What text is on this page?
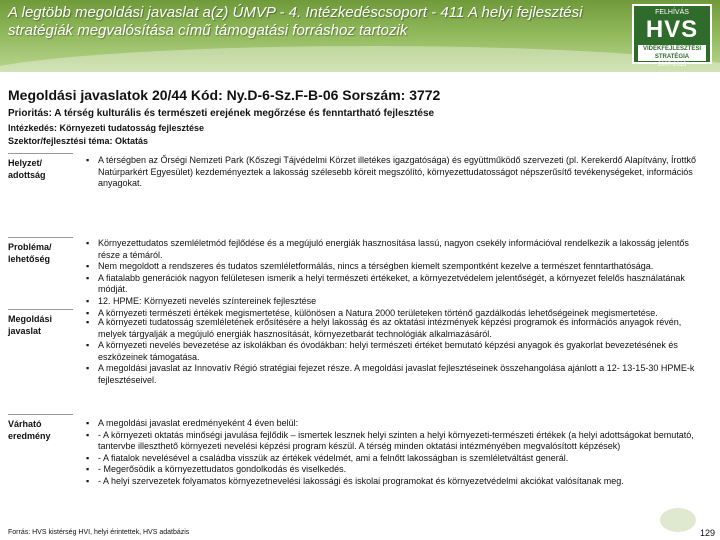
A legtöbb megoldási javaslat a(z) ÚMVP - 4. Intézkedéscsoport - 411 A helyi fejlesztési stratégiák megvalósítása című támogatási forráshoz tartozik
FELHÍVÁS
HVS
VIDÉKFEJLESZTÉSI STRATÉGIA
2007-2013
Megoldási javaslatok 20/44 Kód: Ny.D-6-Sz.F-B-06 Sorszám: 3772
Prioritás: A térség kulturális és természeti erejének megőrzése és fenntartható fejlesztése
Intézkedés: Környezeti tudatosság fejlesztése
Szektor/fejlesztési téma: Oktatás
Helyzet/ adottság
▪ A térségben az Őrségi Nemzeti Park (Kőszegi Tájvédelmi Körzet illetékes igazgatósága) és együttműködő szervezeti (pl. Kerekerdő Alapítvány, Írottkő Natúrparkért Egyesület) kezdeményeztek a lakosság szélesebb köreit megszólító, környezettudatosságot népszerűsítő tevékenységeket, információs anyagokat.
Probléma/ lehetőség
▪ Környezettudatos szemléletmód fejlődése és a megújuló energiák hasznosítása lassú, nagyon csekély információval rendelkezik a lakosság jelentős része a témáról.
▪ Nem megoldott a rendszeres és tudatos szemléletformálás, nincs a térségben kiemelt szempontként kezelve a természet fenntarthatósága.
▪ A fiatalabb generációk nagyon felületesen ismerik a helyi természeti értékeket, a környezetvédelem jelentőségét, a környezet felelős használatának módját.
▪ 12. HPME: Környezeti nevelés színtereinek fejlesztése
▪ A környezeti természeti értékek megismertetése, különösen a Natura 2000 területeken történő gazdálkodás lehetőségeinek megismertetése.
Megoldási javaslat
▪ A környezeti tudatosság szemléletének erősítésére a helyi lakosság és az oktatási intézmények képzési programok és információs anyagok révén, melyek tárgyalják a megújuló energiák hasznosítását, környezetbarát technológiák alkalmazásáról.
▪ A környezeti nevelés bevezetése az iskolákban és óvodákban: helyi természeti értéket bemutató képzési anyagok és gyakorlat bevezetésének és eszközeinek támogatása.
▪ A megoldási javaslat az Innovatív Régió stratégiai fejezet része. A megoldási javaslat fejlesztéseinek összehangolása ajánlott a 12- 13-15-30 HPME-k fejlesztéseivel.
Várható eredmény
▪ A megoldási javaslat eredményeként 4 éven belül:
▪ - A környezeti oktatás minőségi javulása fejlődik – ismertek lesznek helyi szinten a helyi környezeti-természeti értékek (a helyi adottságokat bemutató, tantervbe illeszthető környezeti nevelési képzési program készül. A térség minden oktatási intézményében megvalósított képzések)
▪ - A fiatalok nevelésével a családba visszük az értékek védelmét, ami a felnőtt lakosságban is szemléletváltást generál.
▪ - Megerősödik a környezettudatos gondolkodás és viselkedés.
▪ - A helyi szervezetek folyamatos környezetnevelési lakossági és iskolai programokat és környezetvédelmi akciókat valósítanak meg.
Forrás: HVS kistérség HVI, helyi érintettek, HVS adatbázis	129
